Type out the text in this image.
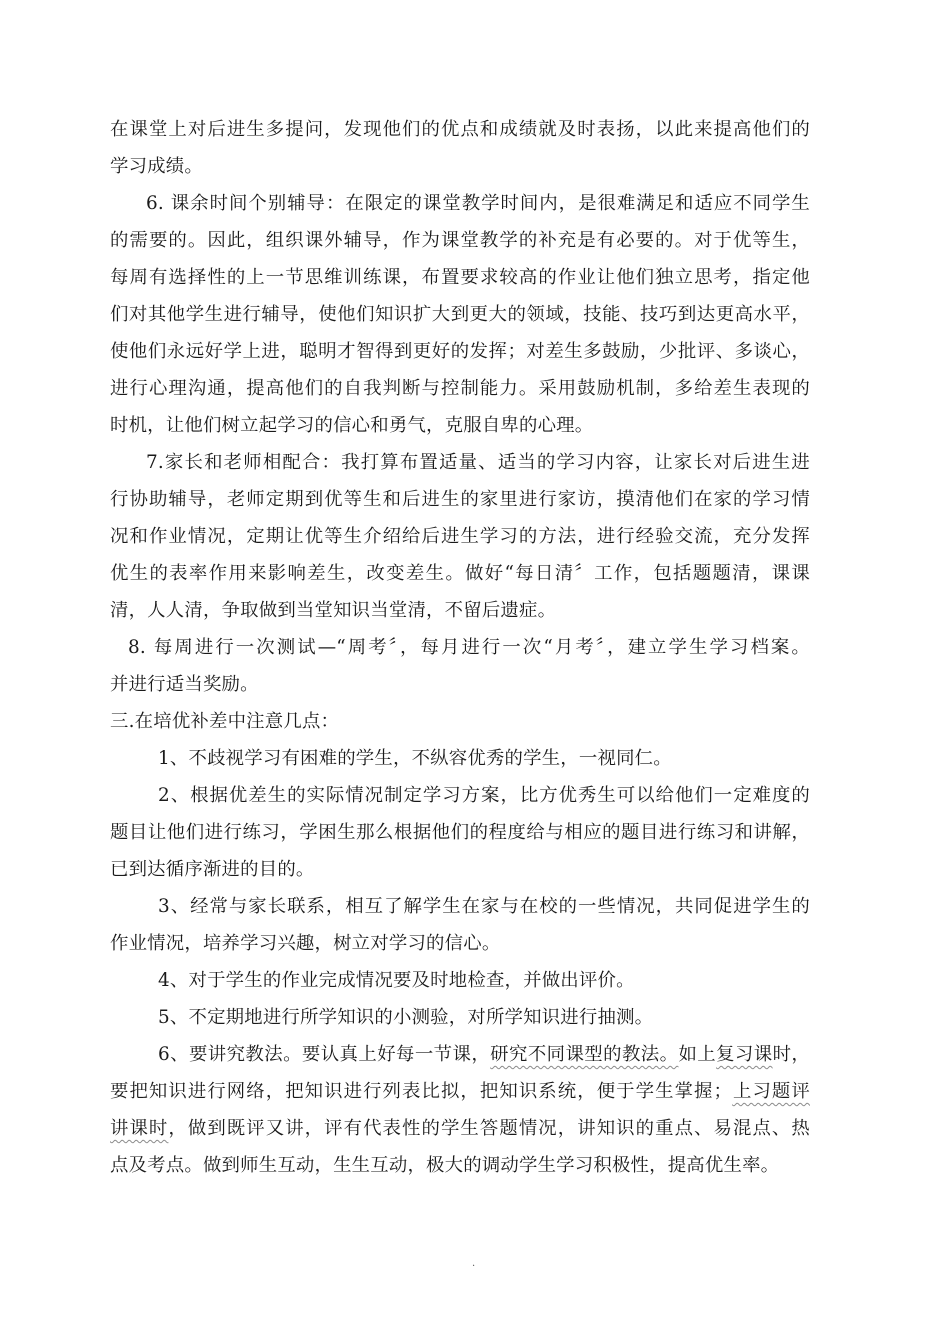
在课堂上对后进生多提问，发现他们的优点和成绩就及时表扬，以此来提高他们的
学习成绩。
6. 课余时间个别辅导：在限定的课堂教学时间内，是很难满足和适应不同学生
的需要的。因此，组织课外辅导，作为课堂教学的补充是有必要的。对于优等生，
每周有选择性的上一节思维训练课，布置要求较高的作业让他们独立思考，指定他
们对其他学生进行辅导，使他们知识扩大到更大的领域，技能、技巧到达更高水平，
使他们永远好学上进，聪明才智得到更好的发挥；对差生多鼓励，少批评、多谈心，
进行心理沟通，提高他们的自我判断与控制能力。采用鼓励机制，多给差生表现的
时机，让他们树立起学习的信心和勇气，克服自卑的心理。
7.家长和老师相配合：我打算布置适量、适当的学习内容，让家长对后进生进
行协助辅导，老师定期到优等生和后进生的家里进行家访，摸清他们在家的学习情
况和作业情况，定期让优等生介绍给后进生学习的方法，进行经验交流，充分发挥
优生的表率作用来影响差生，改变差生。做好“每日清〞工作，包括题题清，课课
清，人人清，争取做到当堂知识当堂清，不留后遗症。
8. 每周进行一次测试—“周考〞，每月进行一次“月考〞，建立学生学习档案。
并进行适当奖励。
三.在培优补差中注意几点：
1、不歧视学习有困难的学生，不纵容优秀的学生，一视同仁。
2、根据优差生的实际情况制定学习方案，比方优秀生可以给他们一定难度的
题目让他们进行练习，学困生那么根据他们的程度给与相应的题目进行练习和讲解，
已到达循序渐进的目的。
3、经常与家长联系，相互了解学生在家与在校的一些情况，共同促进学生的
作业情况，培养学习兴趣，树立对学习的信心。
4、对于学生的作业完成情况要及时地检查，并做出评价。
5、不定期地进行所学知识的小测验，对所学知识进行抽测。
6、要讲究教法。要认真上好每一节课，研究不同课型的教法。如上复习课时，
要把知识进行网络，把知识进行列表比拟，把知识系统，便于学生掌握；上习题评
讲课时，做到既评又讲，评有代表性的学生答题情况，讲知识的重点、易混点、热
点及考点。做到师生互动，生生互动，极大的调动学生学习积极性，提高优生率。
.
